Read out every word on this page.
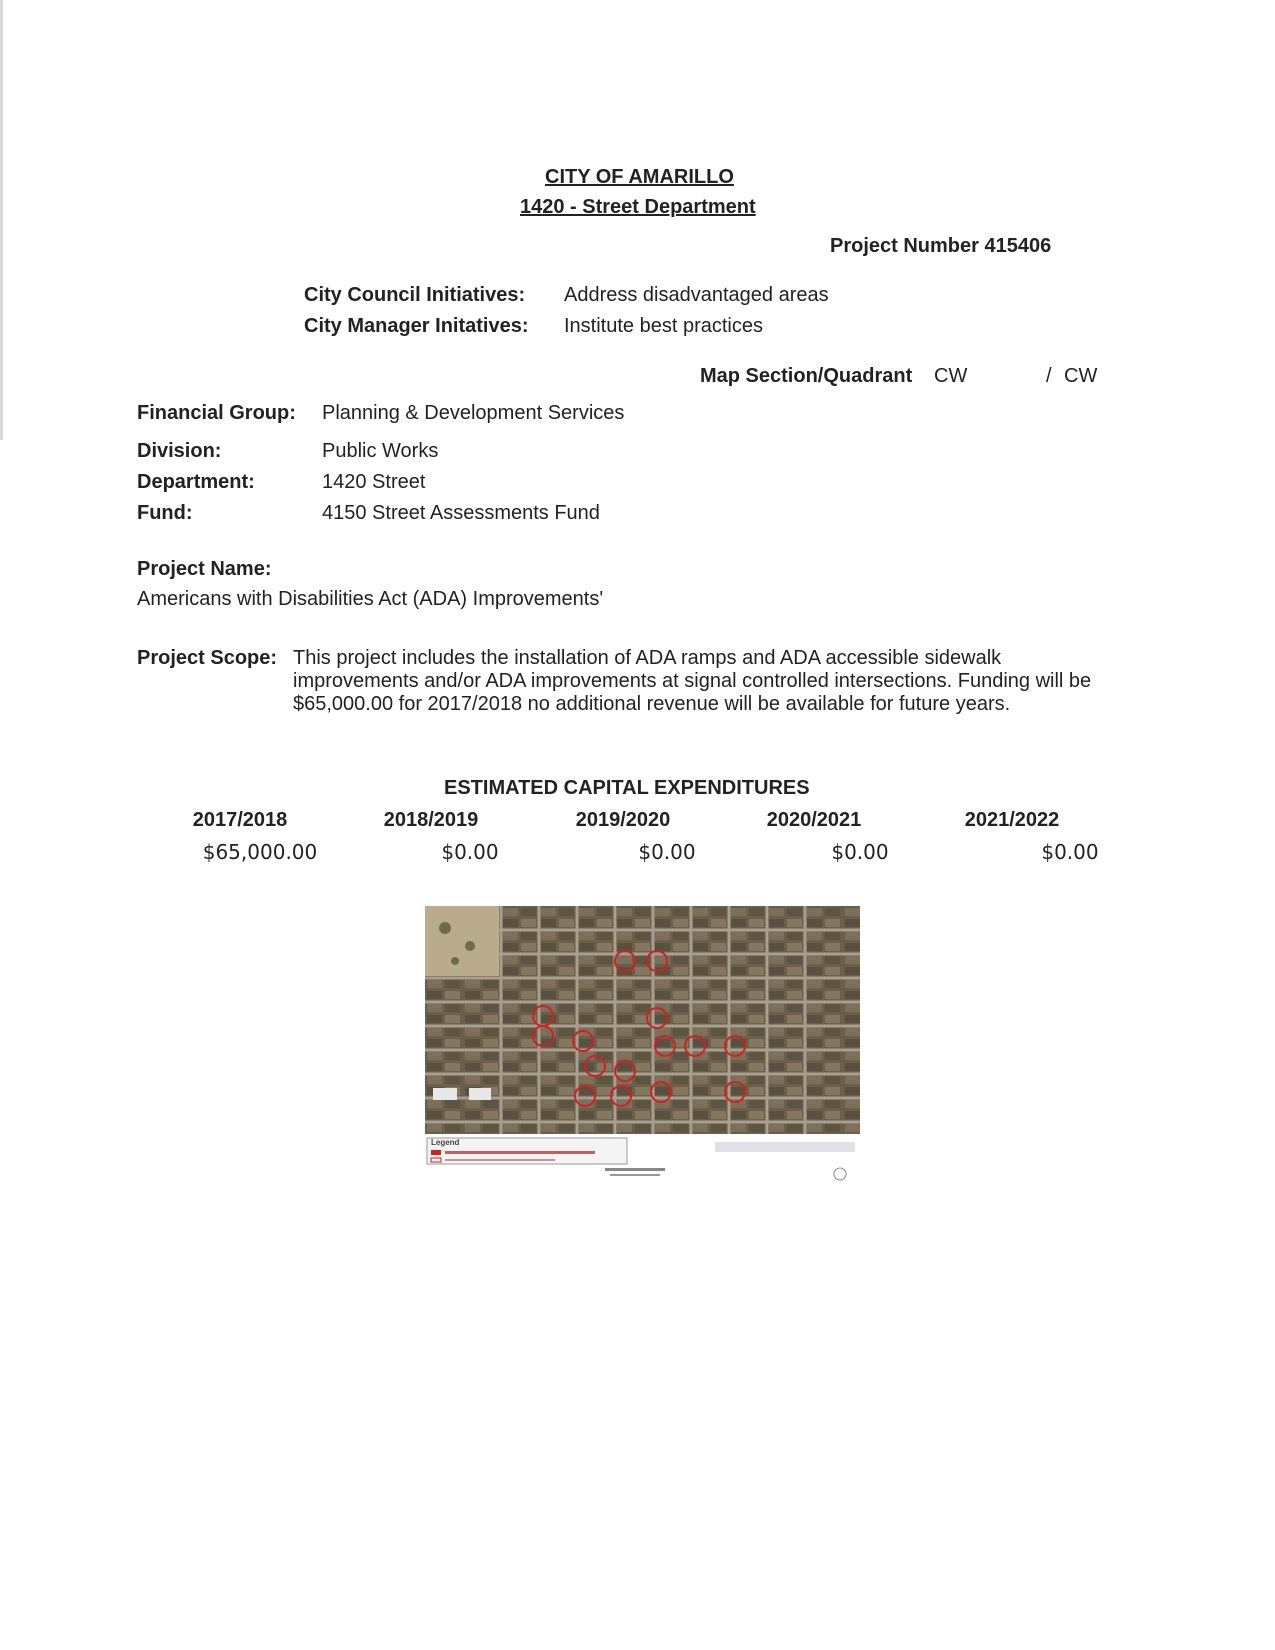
CITY OF AMARILLO
1420 - Street Department
Project Number 415406
City Council Initiatives: Address disadvantaged areas
City Manager Initatives: Institute best practices
Map Section/Quadrant CW	/ CW
Financial Group: Planning & Development Services
Division:	Public Works
Department:	1420 Street
Fund:	4150 Street Assessments Fund
Project Name:
Americans with Disabilities Act (ADA) Improvements'
Project Scope: This project includes the installation of ADA ramps and ADA accessible sidewalk improvements and/or ADA improvements at signal controlled intersections. Funding will be $65,000.00 for 2017/2018 no additional revenue will be available for future years.
ESTIMATED CAPITAL EXPENDITURES
2017/2018	2018/2019	2019/2020	2020/2021	2021/2022
$65,000.00	$0.00	$0.00	$0.00	$0.00
Legend
